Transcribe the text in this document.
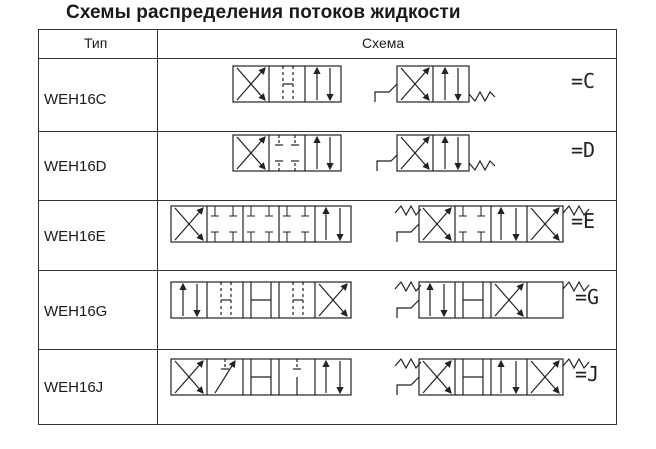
Схемы распределения потоков жидкости
Тип	Схема
WEH16C
WEH16D
WEH16E
WEH16G
WEH16J
=C
=D
=E
=G
=J
